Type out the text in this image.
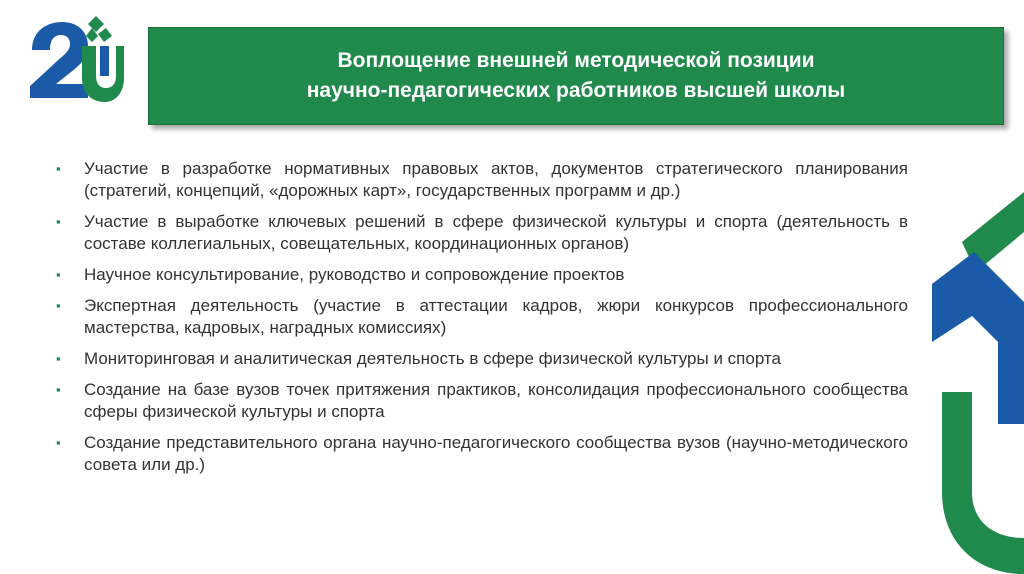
Воплощение внешней методической позиции
научно-педагогических работников высшей школы
▪ Участие в разработке нормативных правовых актов, документов стратегического планирования (стратегий, концепций, «дорожных карт», государственных программ и др.)
▪ Участие в выработке ключевых решений в сфере физической культуры и спорта (деятельность в составе коллегиальных, совещательных, координационных органов)
▪ Научное консультирование, руководство и сопровождение проектов
▪ Экспертная деятельность (участие в аттестации кадров, жюри конкурсов профессионального мастерства, кадровых, наградных комиссиях)
▪ Мониторинговая и аналитическая деятельность в сфере физической культуры и спорта
▪ Создание на базе вузов точек притяжения практиков, консолидация профессионального сообщества сферы физической культуры и спорта
▪ Создание представительного органа научно-педагогического сообщества вузов (научно-методического совета или др.)
